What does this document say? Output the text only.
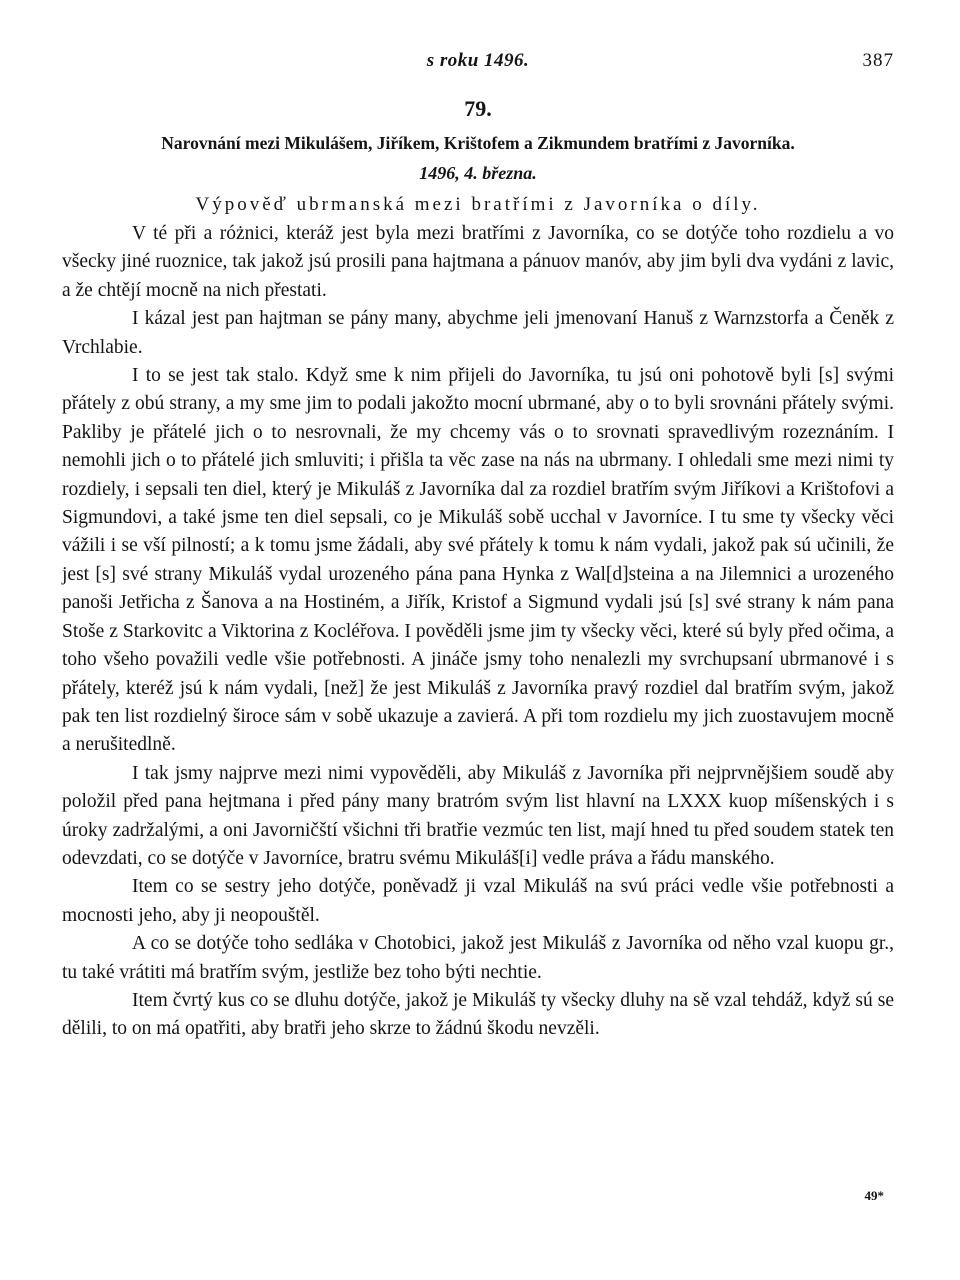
s roku 1496.	387
79.
Narovnání mezi Mikulášem, Jiříkem, Krištofem a Zikmundem bratřími z Javorníka.
1496, 4. března.
Výpověď ubrmanská mezi bratřími z Javorníka o díly.

V té při a różnici, kteráž jest byla mezi bratřími z Javorníka, co se dotýče toho rozdielu a vo všecky jiné ruoznice, tak jakož jsú prosili pana hajtmana a pánuov manóv, aby jim byli dva vydáni z lavic, a že chtějí mocně na nich přestati.

I kázal jest pan hajtman se pány many, abychme jeli jmenovaní Hanuš z Warnzstorfa a Čeněk z Vrchlabie.

I to se jest tak stalo. Když sme k nim přijeli do Javorníka, tu jsú oni pohotově byli [s] svými přátely z obú strany, a my sme jim to podali jakožto mocní ubrmané, aby o to byli srovnáni přátely svými. Pakliby je přátelé jich o to nesrovnali, že my chcemy vás o to srovnati spravedlivým rozeznáním. I nemohli jich o to přátelé jich smluviti; i přišla ta věc zase na nás na ubrmany. I ohledali sme mezi nimi ty rozdiely, i sepsali ten diel, který je Mikuláš z Javorníka dal za rozdiel bratřím svým Jiříkovi a Krištofovi a Sigmundovi, a také jsme ten diel sepsali, co je Mikuláš sobě ucchal v Javorníce. I tu sme ty všecky věci vážili i se vší pilností; a k tomu jsme žádali, aby své přátely k tomu k nám vydali, jakož pak sú učinili, že jest [s] své strany Mikuláš vydal urozeného pána pana Hynka z Wal[d]steina a na Jilemnici a urozeného panoši Jetřicha z Šanova a na Hostiném, a Jiřík, Kristof a Sigmund vydali jsú [s] své strany k nám pana Stoše z Starkovitc a Viktorina z Kocléřova. I pověděli jsme jim ty všecky věci, které sú byly před očima, a toho všeho považili vedle všie potřebnosti. A jináče jsmy toho nenalezli my svrchupsaní ubrmanové i s přátely, kteréž jsú k nám vydali, [než] že jest Mikuláš z Javorníka pravý rozdiel dal bratřím svým, jakož pak ten list rozdielný široce sám v sobě ukazuje a zavierá. A při tom rozdielu my jich zuostavujem mocně a nerušitedlně.

I tak jsmy najprve mezi nimi vypověděli, aby Mikuláš z Javorníka při nejprvnějšiem soudě aby položil před pana hejtmana i před pány many bratróm svým list hlavní na LXXX kuop míšenských i s úroky zadržalými, a oni Javorničští všichni tři bratřie vezmúc ten list, mají hned tu před soudem statek ten odevzdati, co se dotýče v Javorníce, bratru svému Mikuláš[i] vedle práva a řádu manského.

Item co se sestry jeho dotýče, poněvadž ji vzal Mikuláš na svú práci vedle všie potřebnosti a mocnosti jeho, aby ji neopouštěl.

A co se dotýče toho sedláka v Chotobici, jakož jest Mikuláš z Javorníka od něho vzal kuopu gr., tu také vrátiti má bratřím svým, jestliže bez toho býti nechtie.

Item čvrtý kus co se dluhu dotýče, jakož je Mikuláš ty všecky dluhy na sě vzal tehdáž, když sú se dělili, to on má opatřiti, aby bratři jeho skrze to žádnú škodu nevzěli.

49*
